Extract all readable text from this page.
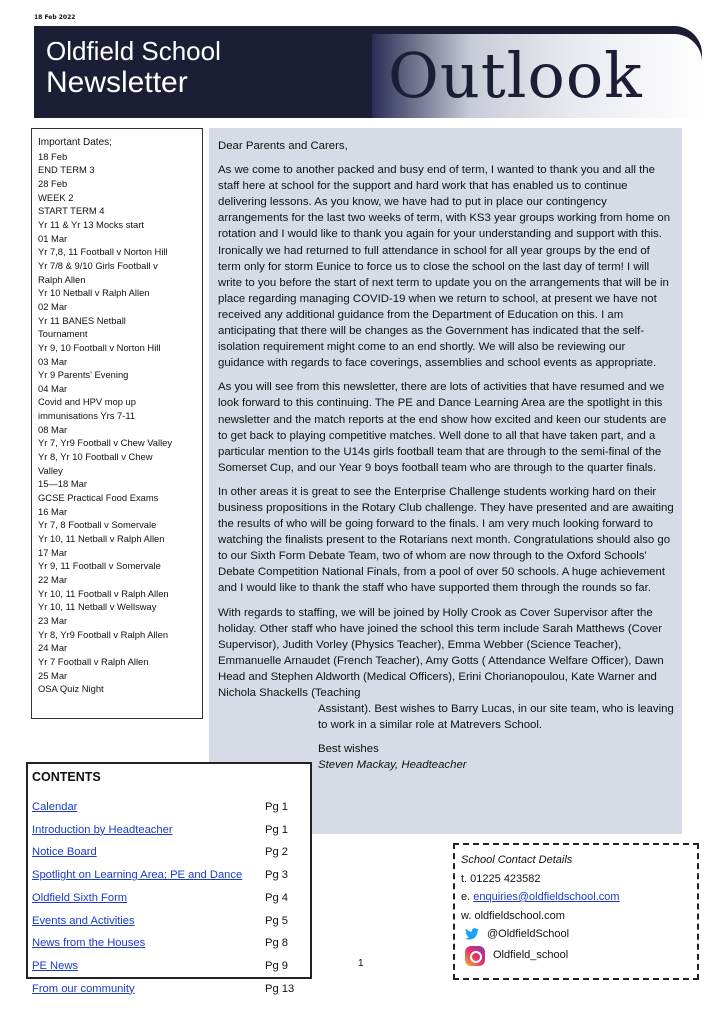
18 Feb 2022
Oldfield School
Newsletter	Outlook
Important Dates;
18 Feb
END TERM 3
28 Feb
WEEK 2
START TERM 4
Yr 11 & Yr 13 Mocks start
01 Mar
Yr 7,8, 11 Football v Norton Hill
Yr 7/8 & 9/10 Girls Football v
Ralph Allen
Yr 10 Netball v Ralph Allen
02 Mar
Yr 11 BANES Netball
Tournament
Yr 9, 10 Football v Norton Hill
03 Mar
Yr 9 Parents' Evening
04 Mar
Covid and HPV mop up
immunisations Yrs 7-11
08 Mar
Yr 7, Yr9 Football v Chew Valley
Yr 8, Yr 10 Football v Chew
Valley
15—18 Mar
GCSE Practical Food Exams
16 Mar
Yr 7, 8 Football v Somervale
Yr 10, 11 Netball v Ralph Allen
17 Mar
Yr 9, 11 Football v Somervale
22 Mar
Yr 10, 11 Football v Ralph Allen
Yr 10, 11 Netball v Wellsway
23 Mar
Yr 8, Yr9 Football v Ralph Allen
24 Mar
Yr 7 Football v Ralph Allen
25 Mar
OSA Quiz Night

Dear Parents and Carers,

As we come to another packed and busy end of term, I wanted to thank you and all the staff here at school for the support and hard work that has enabled us to continue delivering lessons. As you know, we have had to put in place our contingency arrangements for the last two weeks of term, with KS3 year groups working from home on rotation and I would like to thank you again for your understanding and support with this. Ironically we had returned to full attendance in school for all year groups by the end of term only for storm Eunice to force us to close the school on the last day of term! I will write to you before the start of next term to update you on the arrangements that will be in place regarding managing COVID-19 when we return to school, at present we have not received any additional guidance from the Department of Education on this. I am anticipating that there will be changes as the Government has indicated that the self-isolation requirement might come to an end shortly. We will also be reviewing our guidance with regards to face coverings, assemblies and school events as appropriate.

As you will see from this newsletter, there are lots of activities that have resumed and we look forward to this continuing. The PE and Dance Learning Area are the spotlight in this newsletter and the match reports at the end show how excited and keen our students are to get back to playing competitive matches. Well done to all that have taken part, and a particular mention to the U14s girls football team that are through to the semi-final of the Somerset Cup, and our Year 9 boys football team who are through to the quarter finals.

In other areas it is great to see the Enterprise Challenge students working hard on their business propositions in the Rotary Club challenge. They have presented and are awaiting the results of who will be going forward to the finals. I am very much looking forward to watching the finalists present to the Rotarians next month. Congratulations should also go to our Sixth Form Debate Team, two of whom are now through to the Oxford Schools' Debate Competition National Finals, from a pool of over 50 schools. A huge achievement and I would like to thank the staff who have supported them through the rounds so far.

With regards to staffing, we will be joined by Holly Crook as Cover Supervisor after the holiday. Other staff who have joined the school this term include Sarah Matthews (Cover Supervisor), Judith Vorley (Physics Teacher), Emma Webber (Science Teacher), Emmanuelle Arnaudet (French Teacher), Amy Gotts ( Attendance Welfare Officer), Dawn Head and Stephen Aldworth (Medical Officers), Erini Chorianopoulou, Kate Warner and Nichola Shackells (Teaching

Assistant). Best wishes to Barry Lucas, in our site team, who is leaving to work in a similar role at Matrevers School.

Best wishes

Steven Mackay, Headteacher

CONTENTS
Calendar	Pg 1
Introduction by Headteacher	Pg 1
Notice Board	Pg 2
Spotlight on Learning Area; PE and Dance Pg 3
Oldfield Sixth Form	Pg 4
Events and Activities	Pg 5
News from the Houses	Pg 8
PE News	Pg 9
From our community	Pg 13
School Contact Details
t. 01225 423582
e. enquiries@oldfieldschool.com
w. oldfieldschool.com
@OldfieldSchool
Oldfield_school
1
